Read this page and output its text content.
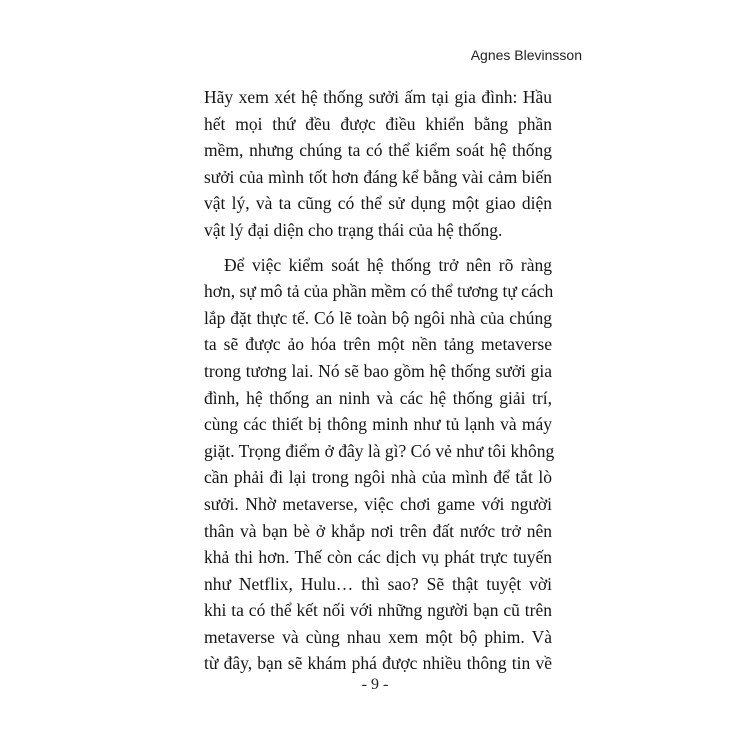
Agnes Blevinsson

Hãy xem xét hệ thống sưởi ấm tại gia đình: Hầu
hết mọi thứ đều được điều khiển bằng phần
mềm, nhưng chúng ta có thể kiểm soát hệ thống
sưởi của mình tốt hơn đáng kể bằng vài cảm biến
vật lý, và ta cũng có thể sử dụng một giao diện
vật lý đại diện cho trạng thái của hệ thống.

Để việc kiểm soát hệ thống trở nên rõ ràng
hơn, sự mô tả của phần mềm có thể tương tự cách
lắp đặt thực tế. Có lẽ toàn bộ ngôi nhà của chúng
ta sẽ được ảo hóa trên một nền tảng metaverse
trong tương lai. Nó sẽ bao gồm hệ thống sưởi gia
đình, hệ thống an ninh và các hệ thống giải trí,
cùng các thiết bị thông minh như tủ lạnh và máy
giặt. Trọng điểm ở đây là gì? Có vẻ như tôi không
cần phải đi lại trong ngôi nhà của mình để tắt lò
sưởi. Nhờ metaverse, việc chơi game với người
thân và bạn bè ở khắp nơi trên đất nước trở nên
khả thi hơn. Thế còn các dịch vụ phát trực tuyến
như Netflix, Hulu… thì sao? Sẽ thật tuyệt vời
khi ta có thể kết nối với những người bạn cũ trên
metaverse và cùng nhau xem một bộ phim. Và
từ đây, bạn sẽ khám phá được nhiều thông tin về

- 9 -
